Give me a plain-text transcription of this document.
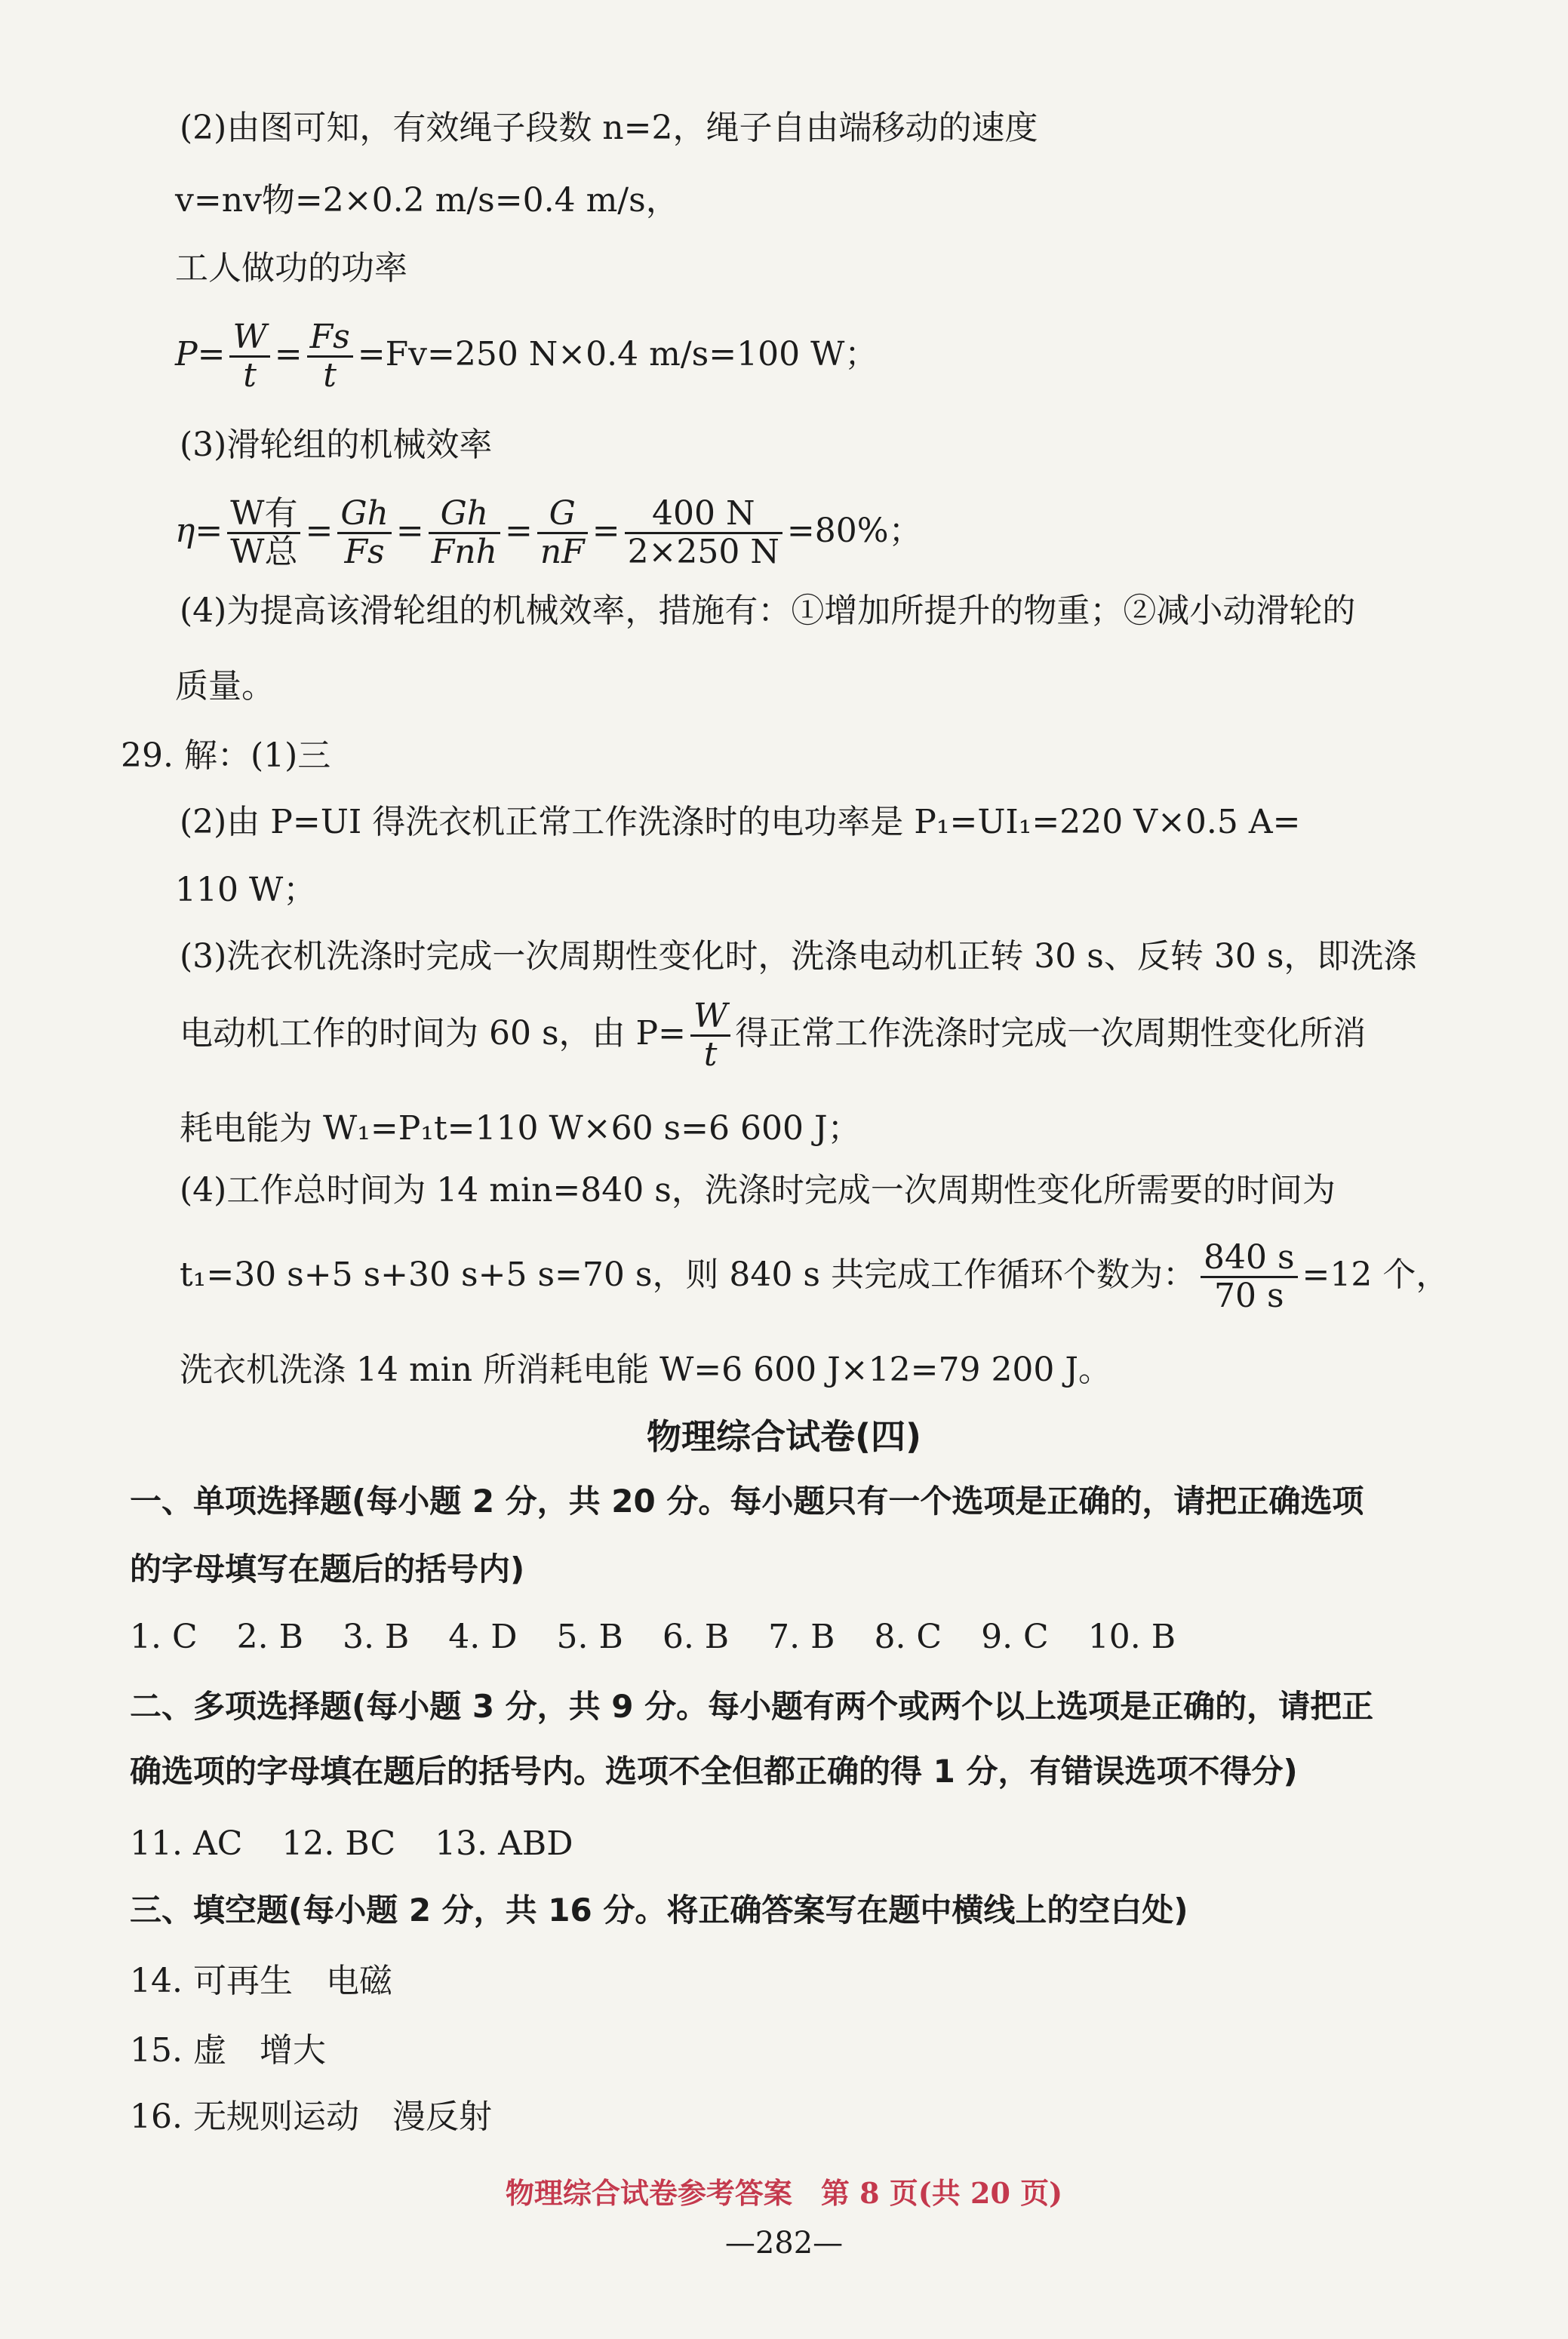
(2)由图可知，有效绳子段数 n=2，绳子自由端移动的速度
v=nv物=2×0.2 m/s=0.4 m/s，
工人做功的功率
$P= \frac{W}{t} = \frac{Fs}{t} =Fv=250$ N×0.4 m/s=100 W；
(3)滑轮组的机械效率
$\eta= \frac{\text{W有}}{\text{W总}} = \frac{Gh}{Fs} = \frac{Gh}{\text{Fnh}} = \frac{G}{nF} = \frac{400 N}{2\times 250 N} =80\%$；
(4)为提高该滑轮组的机械效率，措施有：①增加所提升的物重；②减小动滑轮的
质量。
29. 解：(1)三
(2)由 P=UI 得洗衣机正常工作洗涤时的电功率是 P₁=UI₁=220 V×0.5 A=
110 W；
(3)洗衣机洗涤时完成一次周期性变化时，洗涤电动机正转 30 s、反转 30 s，即洗涤
电动机工作的时间为 60 s，由 $P= \frac{W}{t}$ 得正常工作洗涤时完成一次周期性变化所消
耗电能为 W₁=P₁t=110 W×60 s=6 600 J；
(4)工作总时间为 14 min=840 s，洗涤时完成一次周期性变化所需要的时间为
t₁=30 s+5 s+30 s+5 s=70 s，则 840 s 共完成工作循环个数为： $\frac{840 s}{70 s} =12$ 个，
洗衣机洗涤 14 min 所消耗电能 W=6 600 J×12=79 200 J。
物理综合试卷(四)
一、单项选择题(每小题 2 分，共 20 分。每小题只有一个选项是正确的，请把正确选项
的字母填写在题后的括号内)
1. C 2. B 3. B 4. D 5. B 6. B 7. B 8. C 9. C 10. B
二、多项选择题(每小题 3 分，共 9 分。每小题有两个或两个以上选项是正确的，请把正
确选项的字母填在题后的括号内。选项不全但都正确的得 1 分，有错误选项不得分)
11. AC 12. BC 13. ABD
三、填空题(每小题 2 分，共 16 分。将正确答案写在题中横线上的空白处)
14. 可再生　电磁
15. 虚　增大
16. 无规则运动　漫反射
物理综合试卷参考答案　第 8 页(共 20 页)
—282—
